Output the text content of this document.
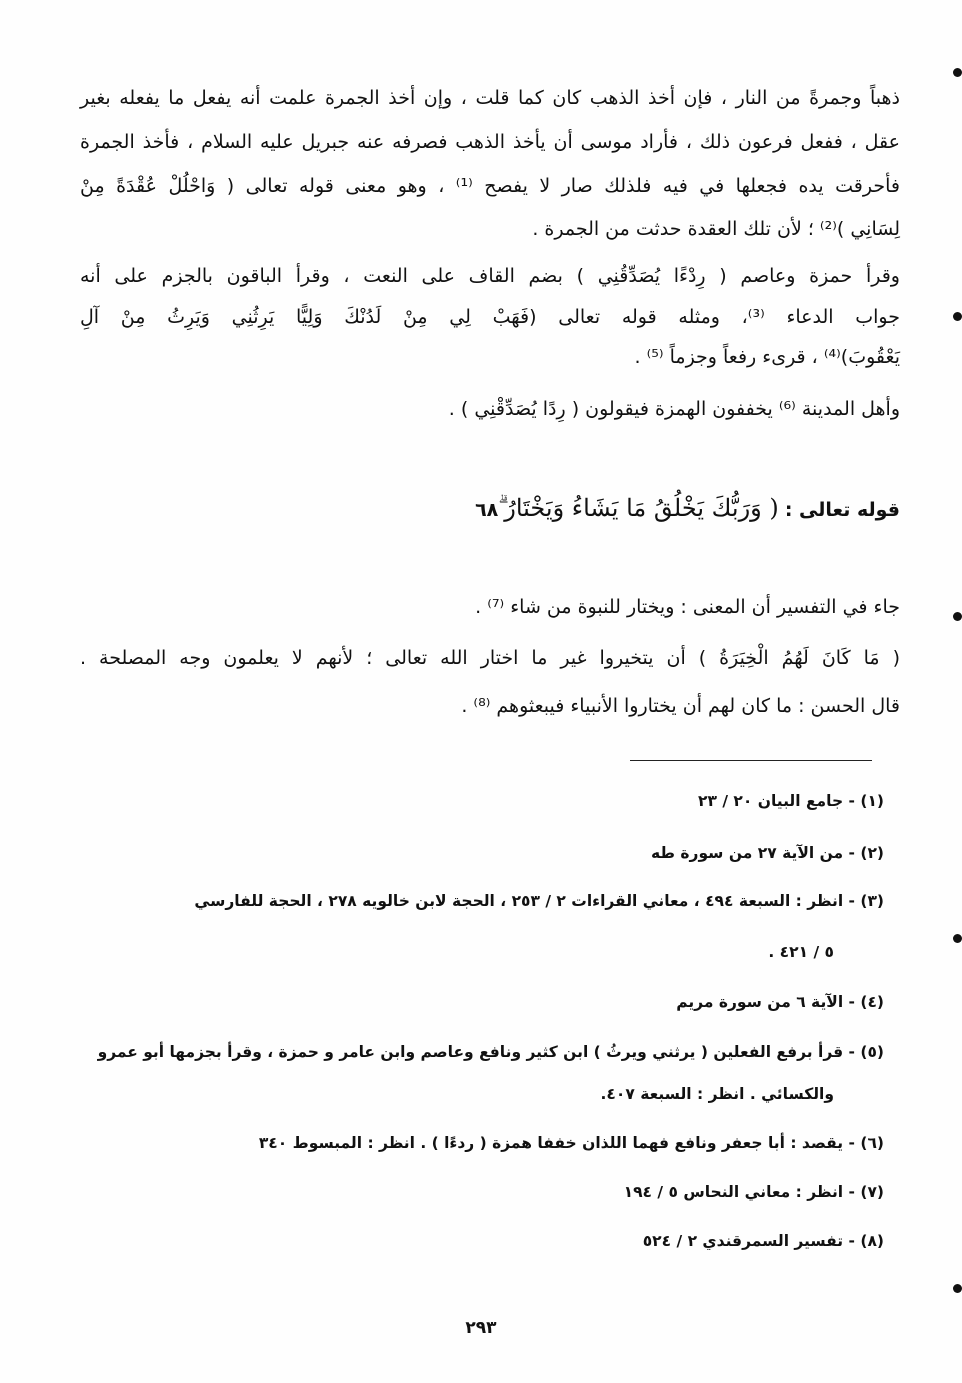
ذهباً وجمرةً من النار ، فإن أخذ الذهب كان كما قلت ، وإن أخذ الجمرة علمت أنه يفعل ما يفعله بغير
عقل ، ففعل فرعون ذلك ، فأراد موسى أن يأخذ الذهب فصرفه عنه جبريل عليه السلام ، فأخذ الجمرة
فأحرقت يده فجعلها في فيه فلذلك صار لا يفصح ⁽¹⁾ ، وهو معنى قوله تعالى ( وَاحْلُلْ عُقْدَةً مِنْ
لِسَانِي )⁽²⁾ ؛ لأن تلك العقدة حدثت من الجمرة .
وقرأ حمزة وعاصم ( رِدْءًا يُصَدِّقُنِي ) بضم القاف على النعت ، وقرأ الباقون بالجزم على أنه
جواب الدعاء ⁽³⁾، ومثله قوله تعالى (فَهَبْ لِي مِنْ لَدُنْكَ وَلِيًّا يَرِثُنِي وَيَرِثُ مِنْ آلِ
يَعْقُوبَ)⁽⁴⁾ ، قرىء رفعاً وجزماً ⁽⁵⁾ .
وأهل المدينة ⁽⁶⁾ يخففون الهمزة فيقولون ( رِدًا يُصَدِّقْنِي ) .
قوله تعالى : ( وَرَبُّكَ يَخْلُقُ مَا يَشَاءُ وَيَخْتَارُ ۗ٦٨
جاء في التفسير أن المعنى : ويختار للنبوة من شاء ⁽⁷⁾ .
( مَا كَانَ لَهُمُ الْخِيَرَةُ ) أن يتخيروا غير ما اختار الله تعالى ؛ لأنهم لا يعلمون وجه المصلحة .
قال الحسن : ما كان لهم أن يختاروا الأنبياء فيبعثوهم ⁽⁸⁾ .
(١) - جامع البيان ٢٠ / ٢٣
(٢) - من الآية ٢٧ من سورة طه
(٣) - انظر : السبعة ٤٩٤ ، معاني القراءات ٢ / ٢٥٣ ، الحجة لابن خالويه ٢٧٨ ، الحجة للفارسي
٥ / ٤٢١ .
(٤) - الآية ٦ من سورة مريم
(٥) - قرأ برفع الفعلين ( يرثني ويرثُ ) ابن كثير ونافع وعاصم وابن عامر و حمزة ، وقرأ بجزمها أبو عمرو
والكسائي . انظر : السبعة ٤٠٧.
(٦) - يقصد : أبا جعفر ونافع فهما اللذان خففا همزة ( ردءًا ) . انظر : المبسوط ٣٤٠
(٧) - انظر : معاني النحاس ٥ / ١٩٤
(٨) - تفسير السمرقندي ٢ / ٥٢٤
٢٩٣
